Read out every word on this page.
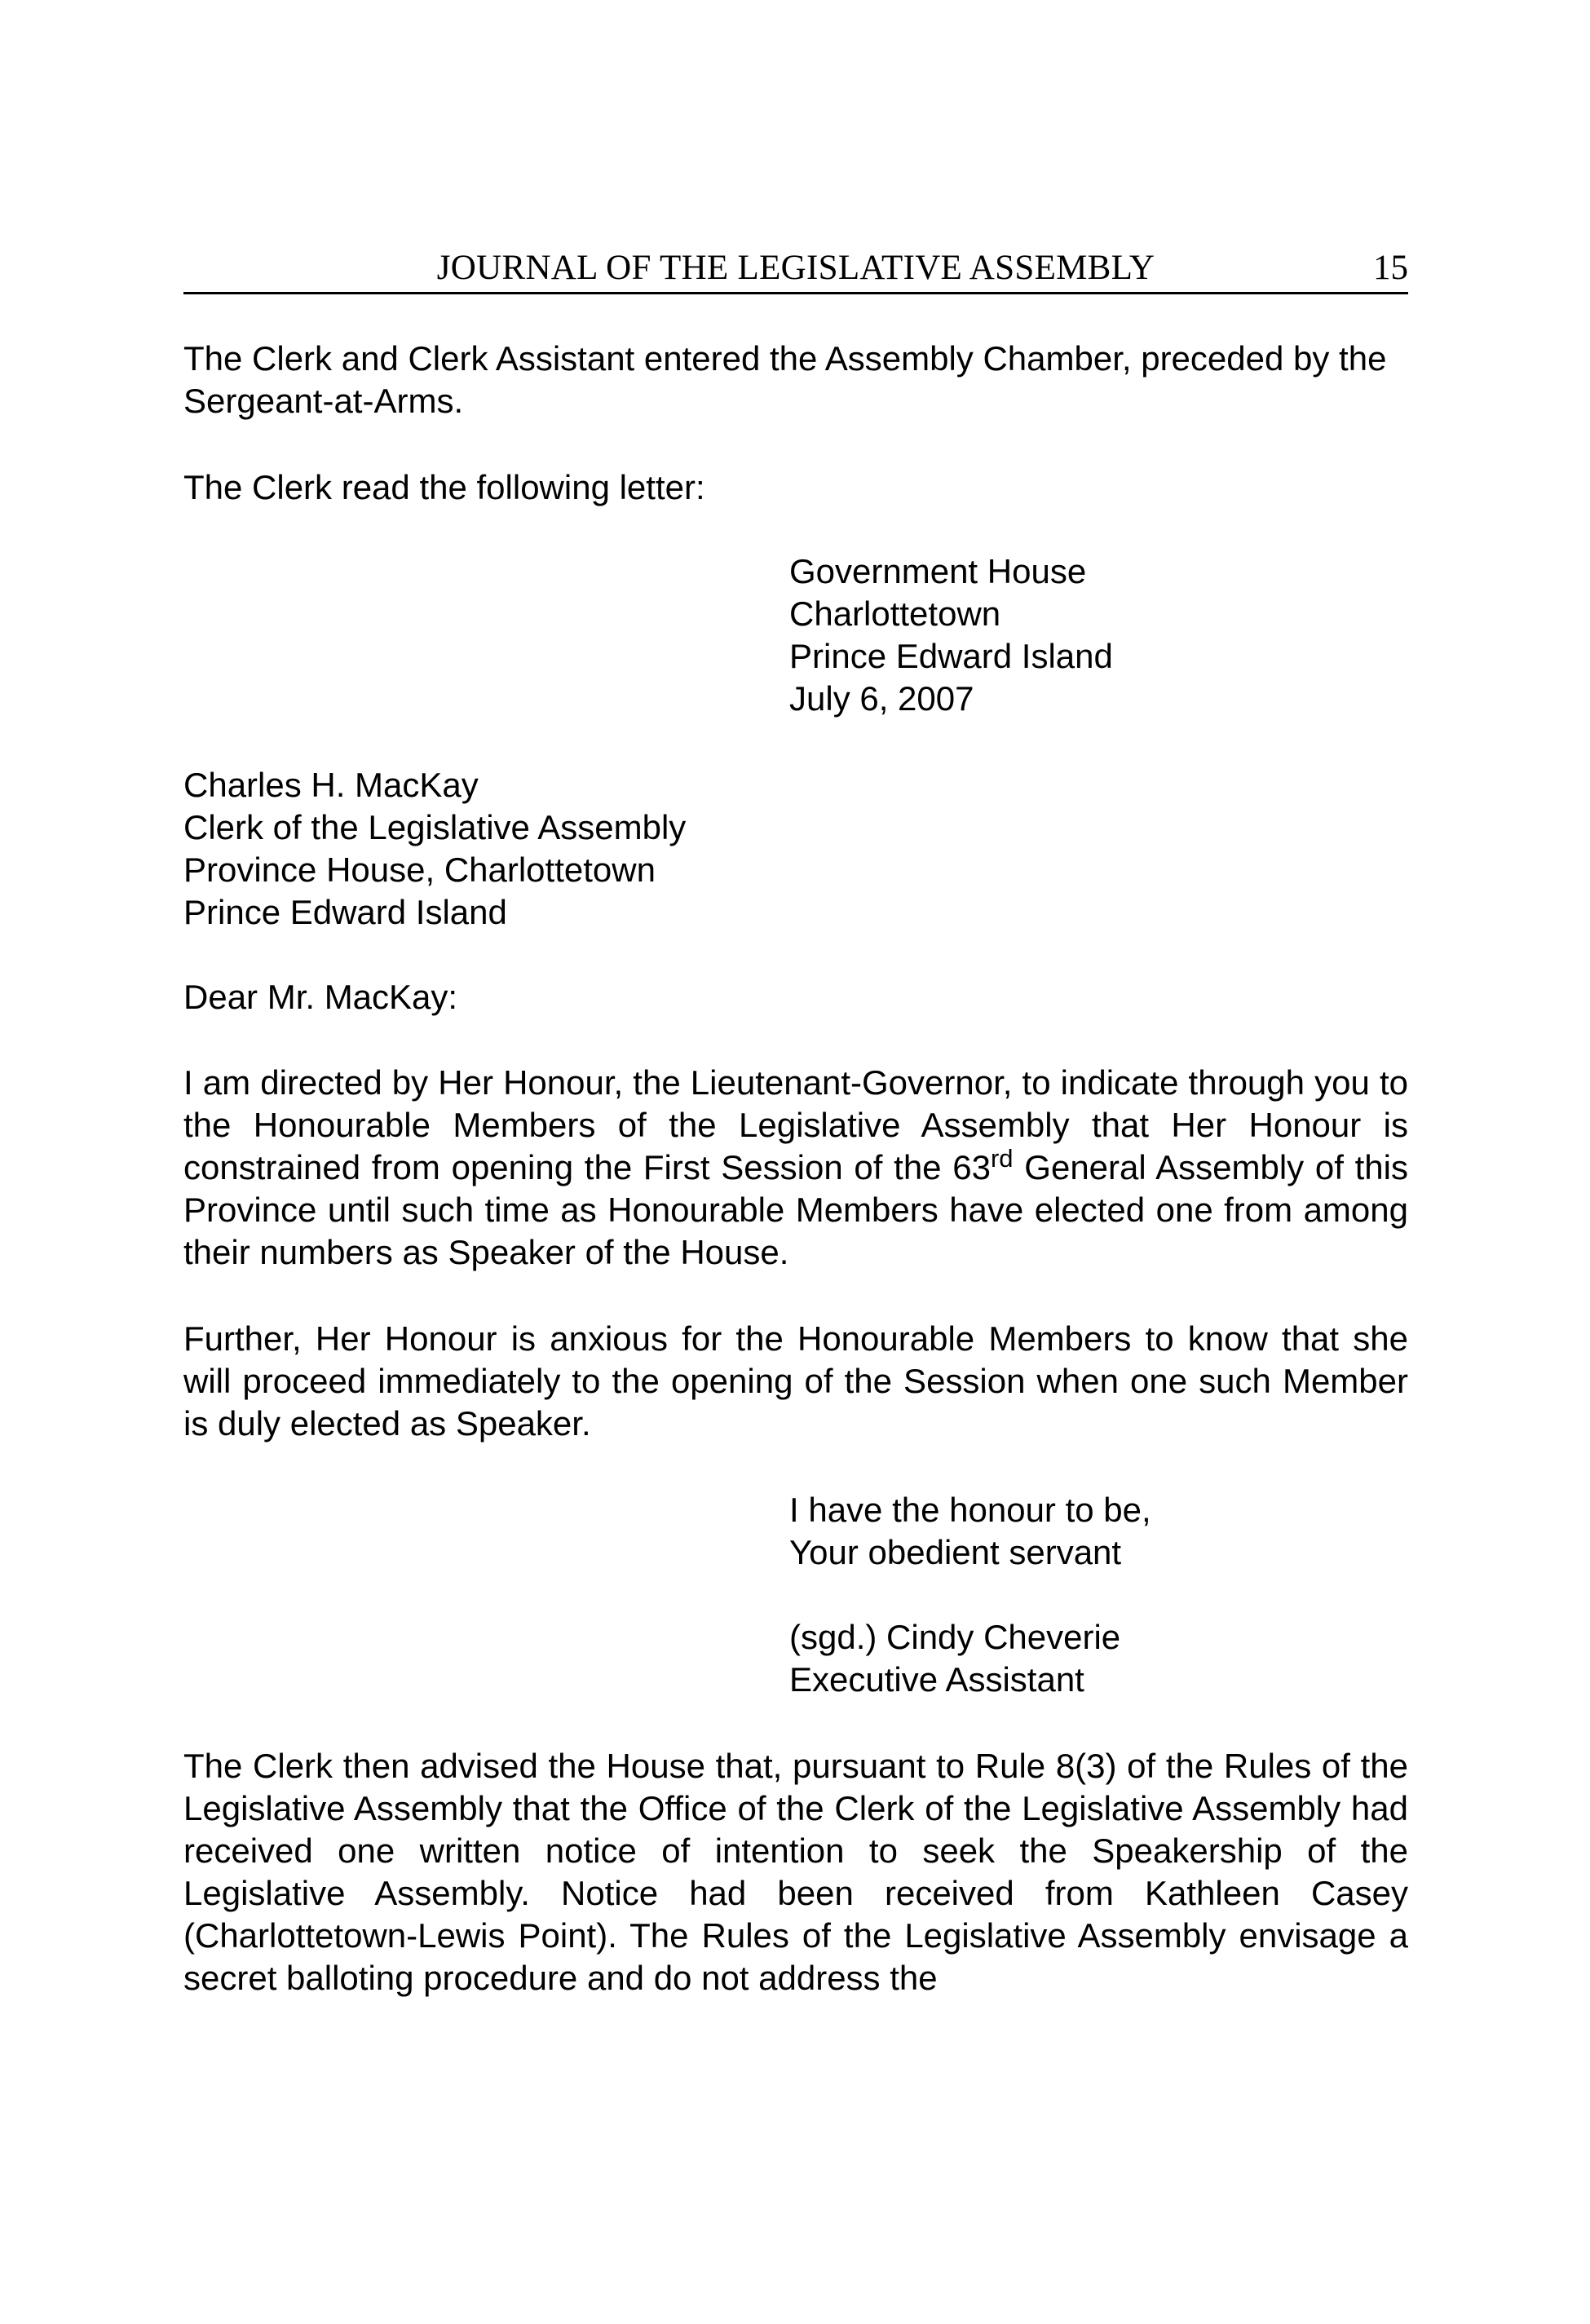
JOURNAL OF THE LEGISLATIVE ASSEMBLY	15
The Clerk and Clerk Assistant entered the Assembly Chamber, preceded by the Sergeant-at-Arms.
The Clerk read the following letter:
Government House
Charlottetown
Prince Edward Island
July 6, 2007
Charles H. MacKay
Clerk of the Legislative Assembly
Province House, Charlottetown
Prince Edward Island
Dear Mr. MacKay:
I am directed by Her Honour, the Lieutenant-Governor, to indicate through you to the Honourable Members of the Legislative Assembly that Her Honour is constrained from opening the First Session of the 63rd General Assembly of this Province until such time as Honourable Members have elected one from among their numbers as Speaker of the House.
Further, Her Honour is anxious for the Honourable Members to know that she will proceed immediately to the opening of the Session when one such Member is duly elected as Speaker.
I have the honour to be,
Your obedient servant
(sgd.) Cindy Cheverie
Executive Assistant
The Clerk then advised the House that, pursuant to Rule 8(3) of the Rules of the Legislative Assembly that the Office of the Clerk of the Legislative Assembly had received one written notice of intention to seek the Speakership of the Legislative Assembly. Notice had been received from Kathleen Casey (Charlottetown-Lewis Point). The Rules of the Legislative Assembly envisage a secret balloting procedure and do not address the
